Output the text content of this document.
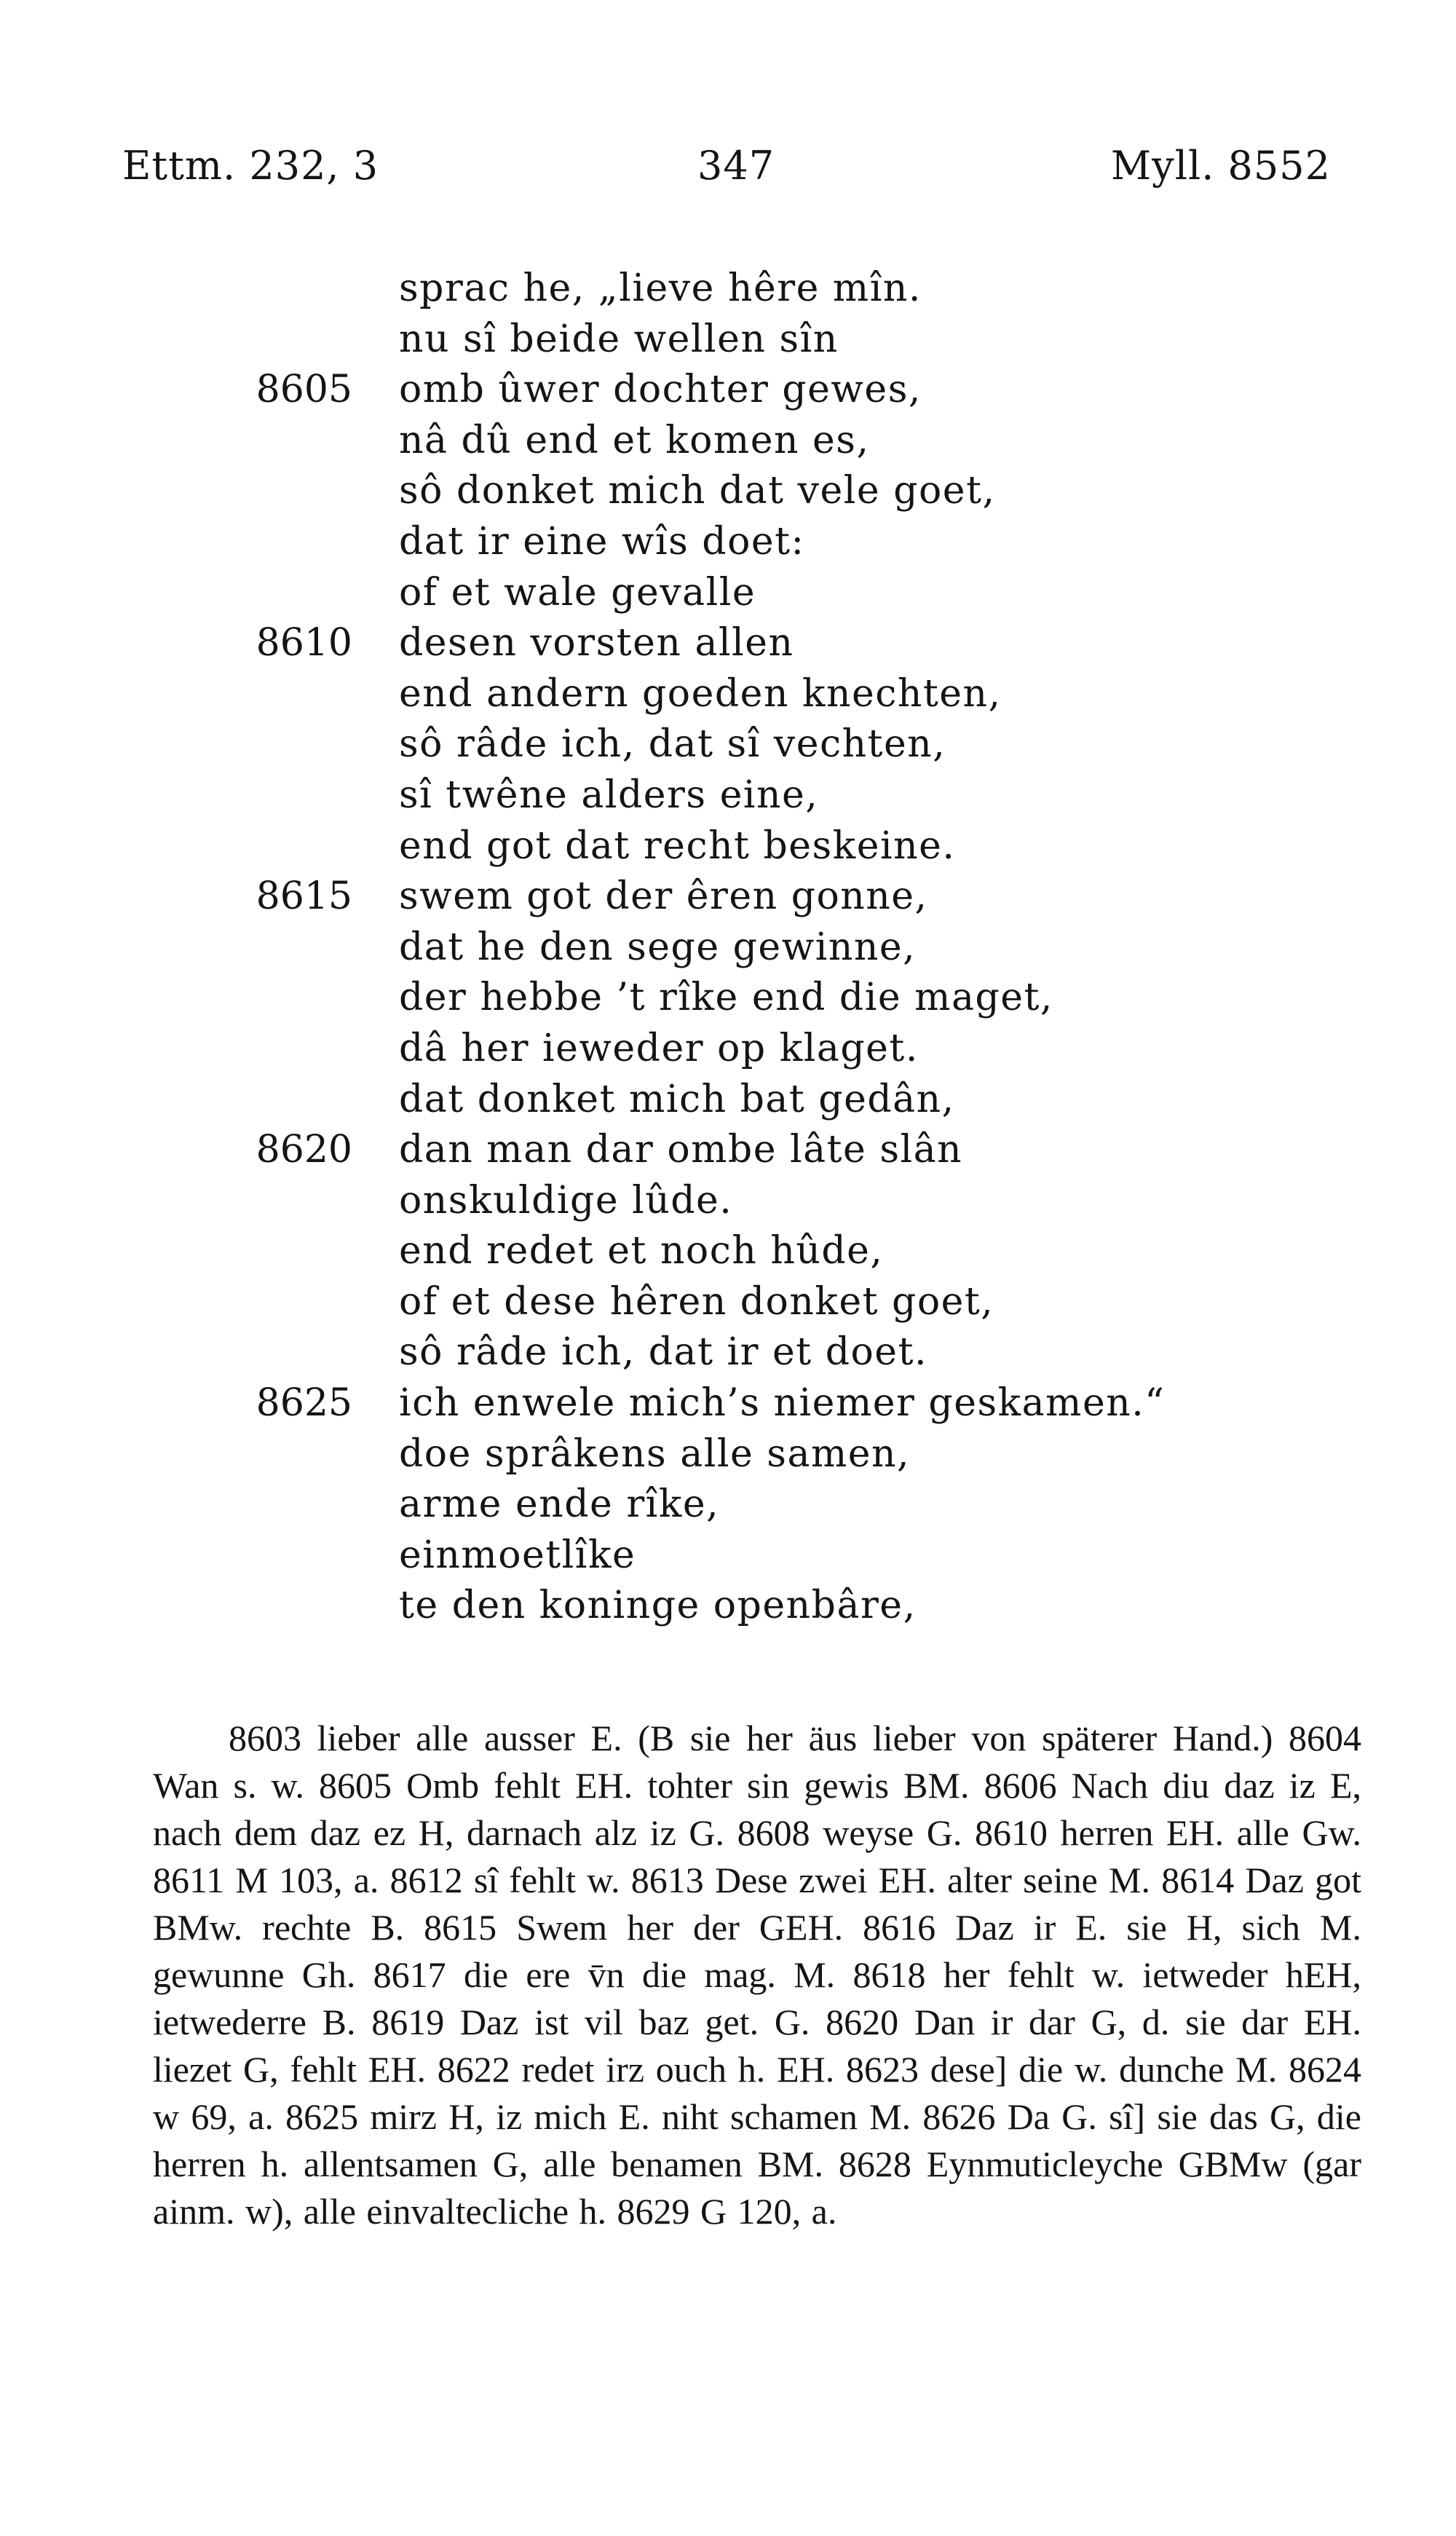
Ettm. 232, 3	347	Myll. 8552
sprac he, „lieve hêre mîn.
nu sî beide wellen sîn
8605 omb ûwer dochter gewes,
nâ dû end et komen es,
sô donket mich dat vele goet,
dat ir eine wîs doet:
of et wale gevalle
8610 desen vorsten allen
end andern goeden knechten,
sô râde ich, dat sî vechten,
sî twêne alders eine,
end got dat recht beskeine.
8615 swem got der êren gonne,
dat he den sege gewinne,
der hebbe ’t rîke end die maget,
dâ her ieweder op klaget.
dat donket mich bat gedân,
8620 dan man dar ombe lâte slân
onskuldige lûde.
end redet et noch hûde,
of et dese hêren donket goet,
sô râde ich, dat ir et doet.
8625 ich enwele mich’s niemer geskamen.“
doe sprâkens alle samen,
arme ende rîke,
einmoetlîke
te den koninge openbâre,
8603 lieber alle ausser E. (B sie her äus lieber von späterer Hand.) 8604 Wan s. w. 8605 Omb fehlt EH. tohter sin gewis BM. 8606 Nach diu daz iz E, nach dem daz ez H, darnach alz iz G. 8608 weyse G. 8610 herren EH. alle Gw. 8611 M 103, a. 8612 sî fehlt w. 8613 Dese zwei EH. alter seine M. 8614 Daz got BMw. rechte B. 8615 Swem her der GEH. 8616 Daz ir E. sie H, sich M. gewunne Gh. 8617 die ere v̄n die mag. M. 8618 her fehlt w. ietweder hEH, ietwederre B. 8619 Daz ist vil baz get. G. 8620 Dan ir dar G, d. sie dar EH. liezet G, fehlt EH. 8622 redet irz ouch h. EH. 8623 dese] die w. dunche M. 8624 w 69, a. 8625 mirz H, iz mich E. niht schamen M. 8626 Da G. sî] sie das G, die herren h. allentsamen G, alle benamen BM. 8628 Eynmuticleyche GBMw (gar ainm. w), alle einvaltecliche h. 8629 G 120, a.
